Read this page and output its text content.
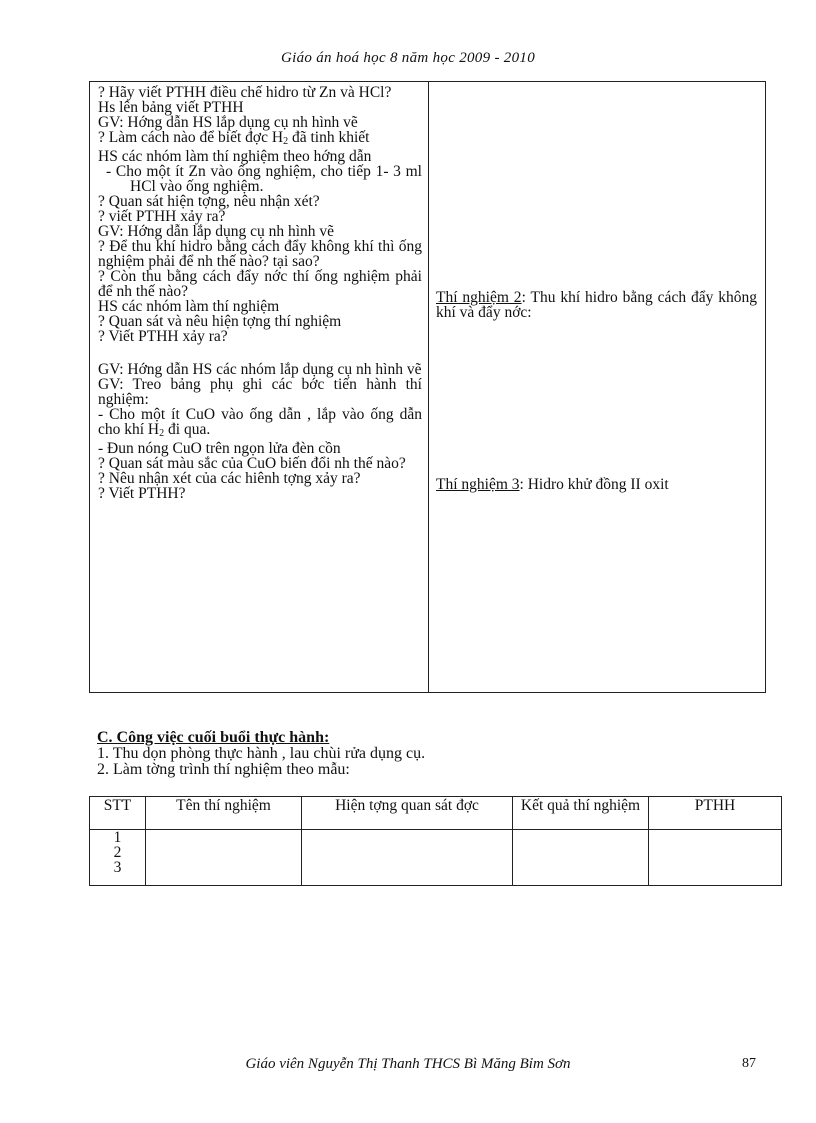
Giáo án hoá học 8 năm học 2009 - 2010

? Hãy viết PTHH điều chế hidro từ Zn và HCl?

Hs lên bảng viết PTHH

GV: Hớng dẫn HS lắp dụng cụ nh hình vẽ

? Làm cách nào để biết đợc $H_2$ đã tinh khiết

HS các nhóm làm thí nghiệm theo hớng dẫn

- Cho một ít Zn vào ống nghiệm, cho tiếp 1- 3 ml HCl vào ống nghiệm.

? Quan sát hiện tợng, nêu nhận xét?

? viết PTHH xảy ra?

GV: Hớng dẫn lắp dụng cụ nh hình vẽ

? Để thu khí hidro bằng cách đẩy không khí thì ống nghiệm phải để nh thế nào? tại sao?

? Còn thu bằng cách đẩy nớc thí ống nghiệm phải để nh thế nào?

HS các nhóm làm thí nghiệm

? Quan sát và nêu hiện tợng thí nghiệm

? Viết PTHH xảy ra?

GV: Hớng dẫn HS các nhóm lắp dụng cụ nh hình vẽ

GV: Treo bảng phụ ghi các bớc tiến hành thí nghiệm:

- Cho một ít CuO vào ống dẫn , lắp vào ống dẫn cho khí $H_2$ đi qua.

- Đun nóng CuO trên ngọn lửa đèn cồn

? Quan sát màu sắc của CuO biến đổi nh thế nào?

? Nêu nhận xét của các hiênh tợng xảy ra?

? Viết PTHH?

Thí nghiệm 2: Thu khí hidro bằng cách đẩy không khí và đẩy nớc:
Thí nghiệm 3: Hidro khử đồng II oxit

C. Công việc cuối buổi thực hành:

1. Thu dọn phòng thực hành , lau chùi rửa dụng cụ.

2. Làm tờng trình thí nghiệm theo mẫu:

STT	Tên thí nghiệm	Hiện tợng quan sát đợc	Kết quả thí nghiệm	PTHH

1
2
3				

Giáo viên Nguyễn Thị Thanh THCS Bì Măng Bỉm Sơn	87
